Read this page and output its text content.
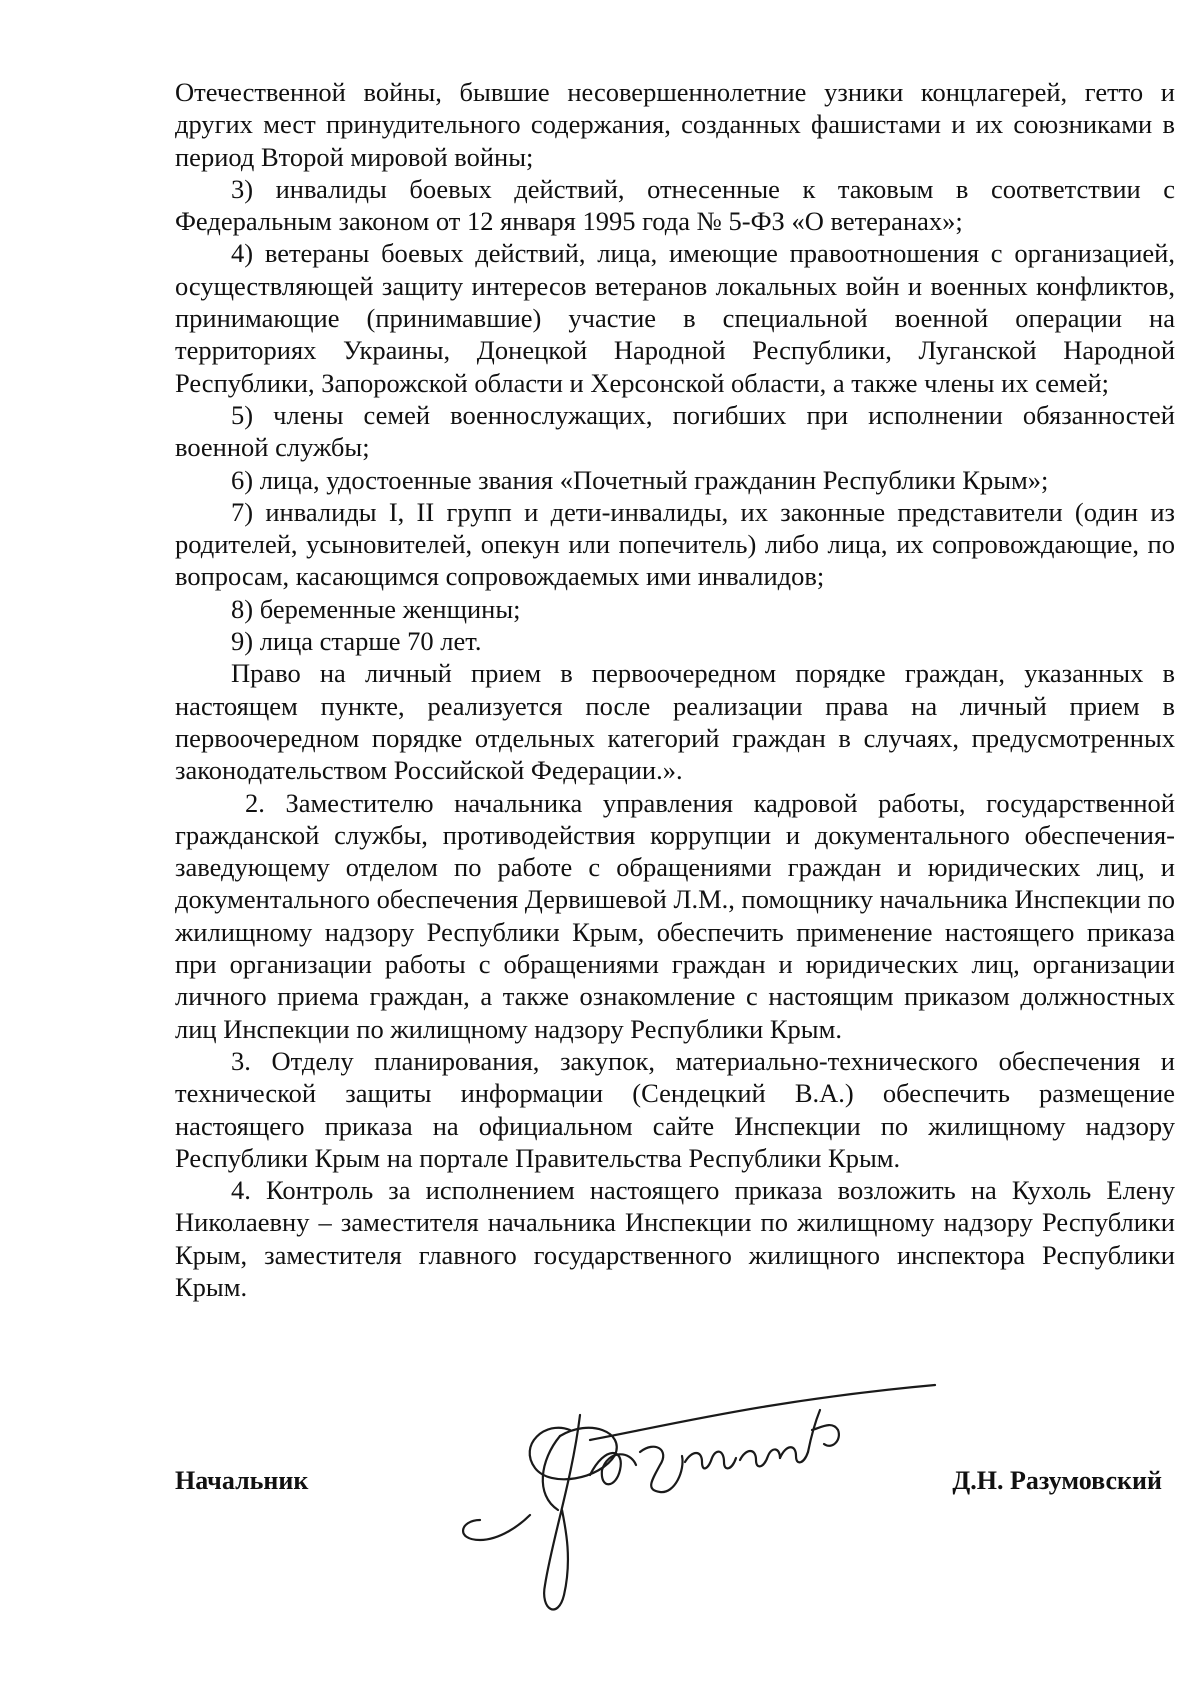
Отечественной войны, бывшие несовершеннолетние узники концлагерей, гетто и других мест принудительного содержания, созданных фашистами и их союзниками в период Второй мировой войны;

3) инвалиды боевых действий, отнесенные к таковым в соответствии с Федеральным законом от 12 января 1995 года № 5-ФЗ «О ветеранах»;

4) ветераны боевых действий, лица, имеющие правоотношения с организацией, осуществляющей защиту интересов ветеранов локальных войн и военных конфликтов, принимающие (принимавшие) участие в специальной военной операции на территориях Украины, Донецкой Народной Республики, Луганской Народной Республики, Запорожской области и Херсонской области, а также члены их семей;

5) члены семей военнослужащих, погибших при исполнении обязанностей военной службы;

6) лица, удостоенные звания «Почетный гражданин Республики Крым»;

7) инвалиды I, II групп и дети-инвалиды, их законные представители (один из родителей, усыновителей, опекун или попечитель) либо лица, их сопровождающие, по вопросам, касающимся сопровождаемых ими инвалидов;

8) беременные женщины;

9) лица старше 70 лет.

Право на личный прием в первоочередном порядке граждан, указанных в настоящем пункте, реализуется после реализации права на личный прием в первоочередном порядке отдельных категорий граждан в случаях, предусмотренных законодательством Российской Федерации.».

2. Заместителю начальника управления кадровой работы, государственной гражданской службы, противодействия коррупции и документального обеспечения-заведующему отделом по работе с обращениями граждан и юридических лиц, и документального обеспечения Дервишевой Л.М., помощнику начальника Инспекции по жилищному надзору Республики Крым, обеспечить применение настоящего приказа при организации работы с обращениями граждан и юридических лиц, организации личного приема граждан, а также ознакомление с настоящим приказом должностных лиц Инспекции по жилищному надзору Республики Крым.

3. Отделу планирования, закупок, материально-технического обеспечения и технической защиты информации (Сендецкий В.А.) обеспечить размещение настоящего приказа на официальном сайте Инспекции по жилищному надзору Республики Крым на портале Правительства Республики Крым.

4. Контроль за исполнением настоящего приказа возложить на Кухоль Елену Николаевну – заместителя начальника Инспекции по жилищному надзору Республики Крым, заместителя главного государственного жилищного инспектора Республики Крым.

Начальник	Д.Н. Разумовский
